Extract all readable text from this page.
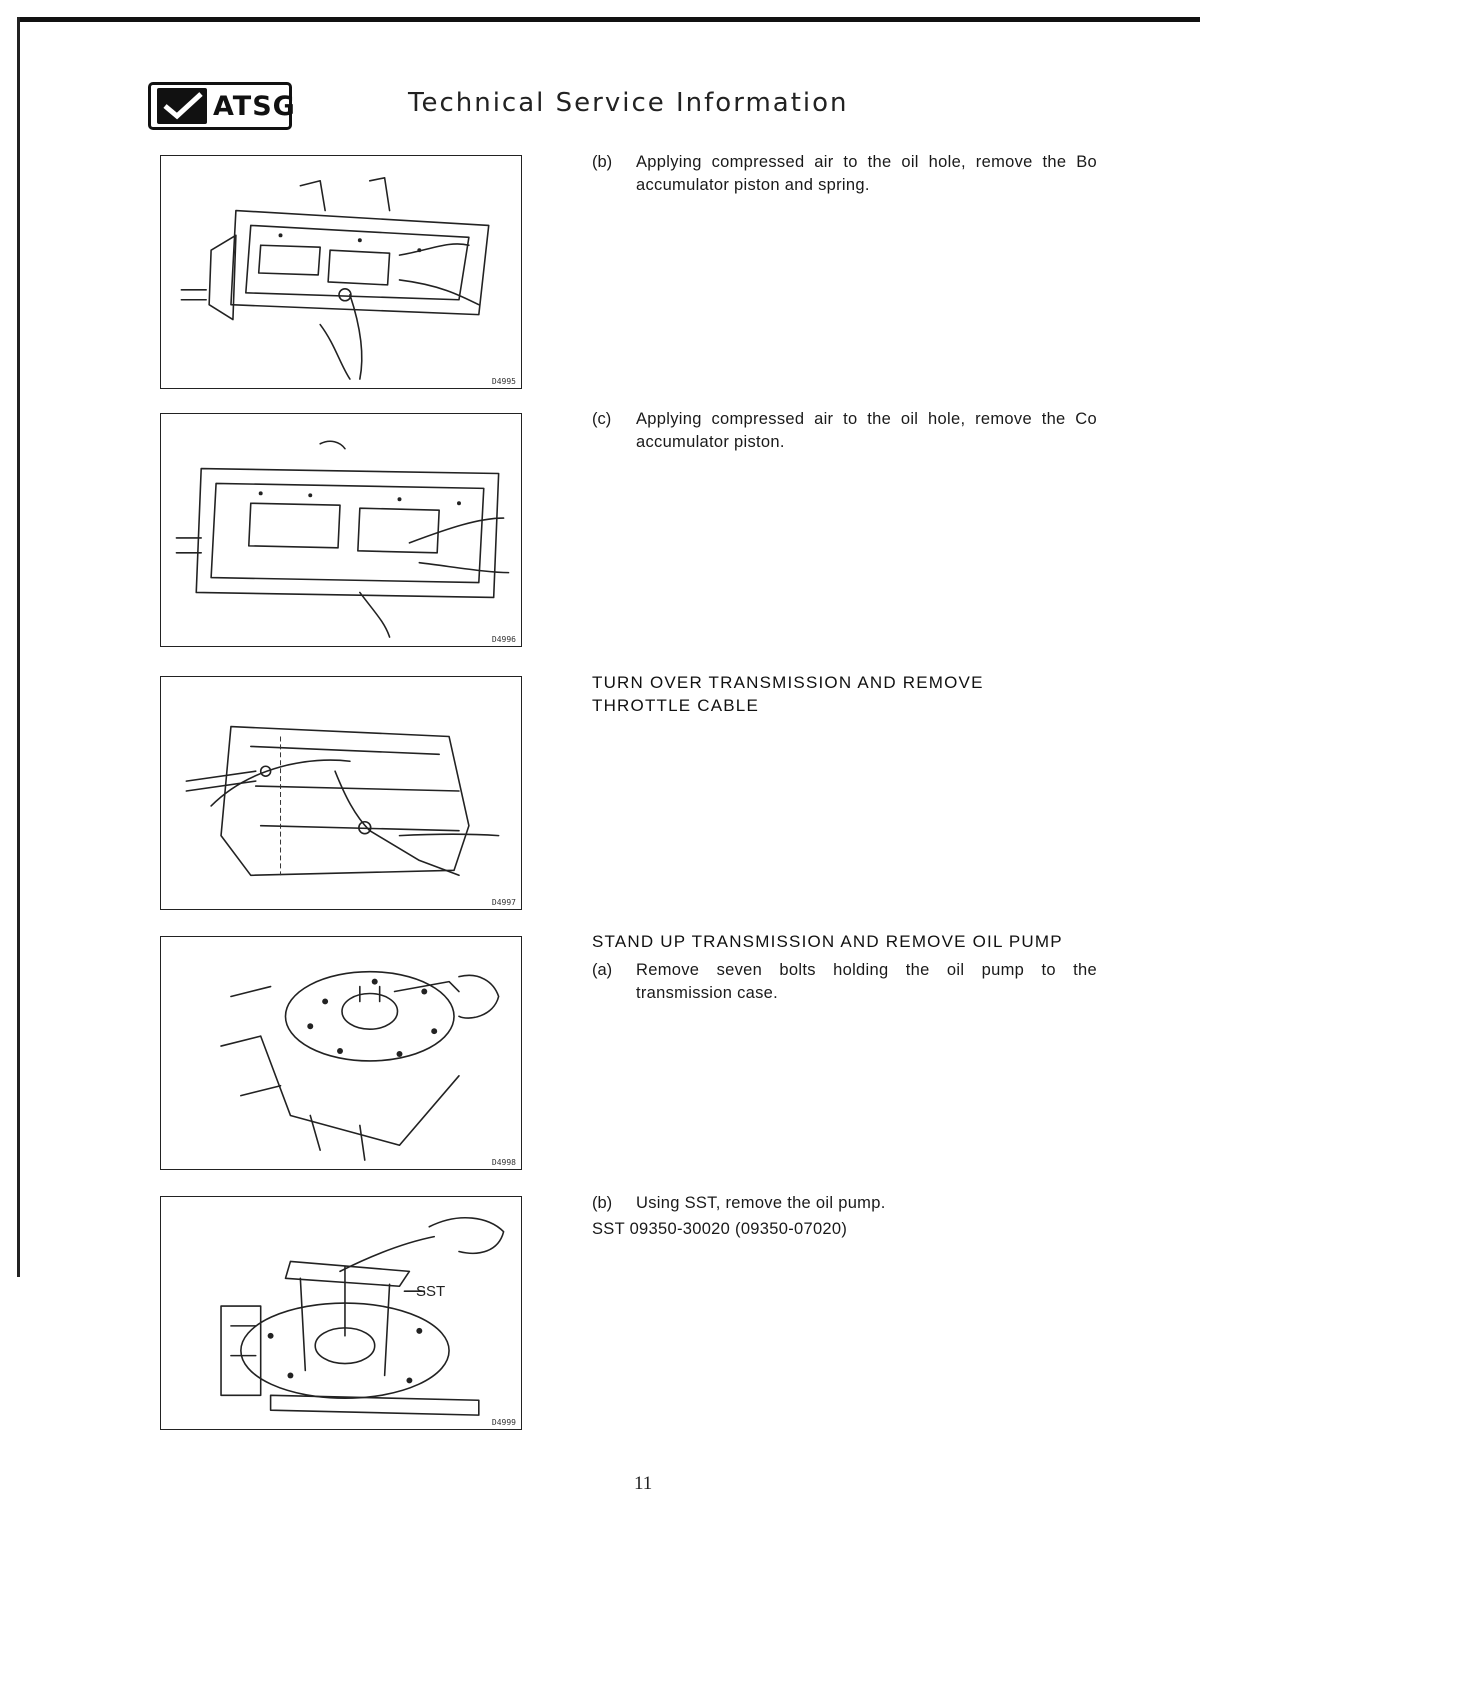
ATSG	Technical Service Information
D4995
D4996
D4997
D4998
SST
D4999
(b) Applying compressed air to the oil hole, remove the Bo accumulator piston and spring.
(c) Applying compressed air to the oil hole, remove the Co accumulator piston.
TURN OVER TRANSMISSION AND REMOVE
THROTTLE CABLE
STAND UP TRANSMISSION AND REMOVE OIL PUMP
(a) Remove seven bolts holding the oil pump to the transmission case.
(b) Using SST, remove the oil pump.
SST 09350-30020 (09350-07020)
11
